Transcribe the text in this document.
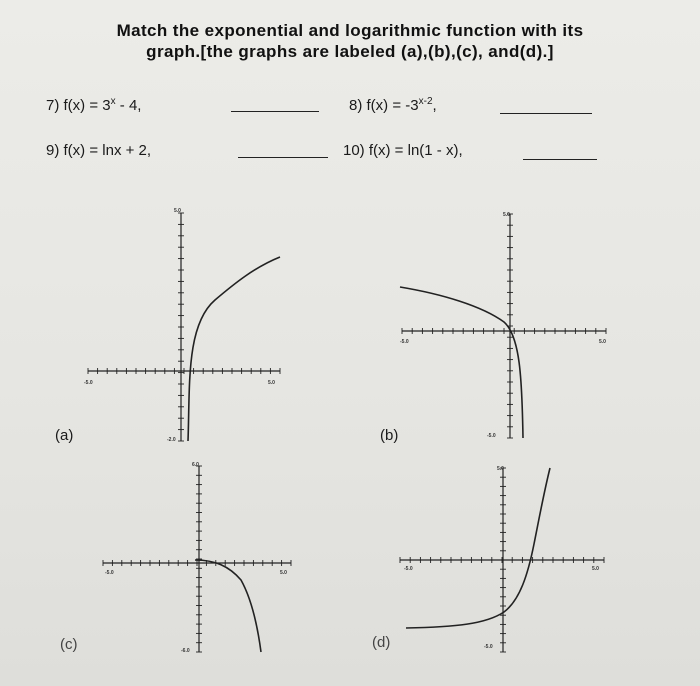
Match the exponential and logarithmic function with its
graph.[the graphs are labeled (a),(b),(c), and(d).]
7) $f(x) = 3^x - 4$,	8) $f(x) = -3^{x-2}$,
9) f(x) = lnx + 2,	10) f(x) = ln(1 - x),
5.0
-5.0	5.0
-2.0
(a)
5.0
-5.0	5.0
-5.0
(b)
6.0
-5.0	5.0
-6.0
(c)
5.0
-5.0	5.0
-5.0
(d)
